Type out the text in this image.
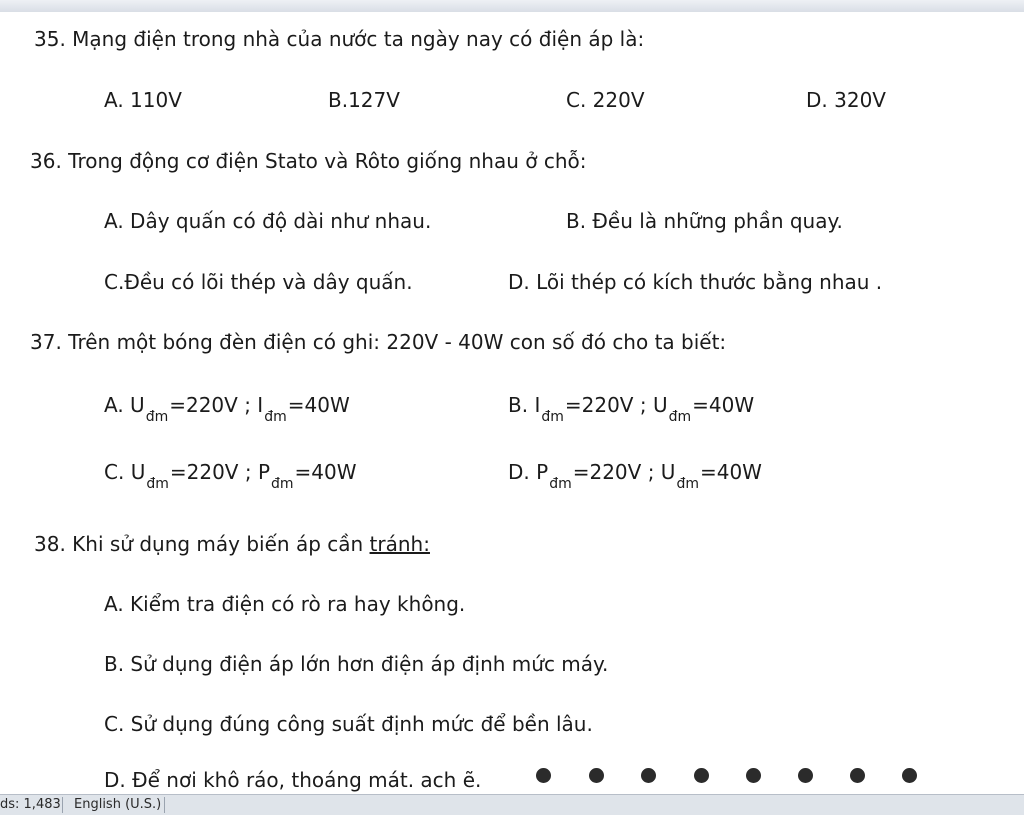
35. Mạng điện trong nhà của nước ta ngày nay có điện áp là:
A. 110V	B.127V	C. 220V	D. 320V
36. Trong động cơ điện Stato và Rôto giống nhau ở chỗ:
A. Dây quấn có độ dài như nhau.	B. Đều là những phần quay.
C.Đều có lõi thép và dây quấn.	D. Lõi thép có kích thước bằng nhau .
37. Trên một bóng đèn điện có ghi: 220V - 40W con số đó cho ta biết:
A. $U_{đm}=220V$ ; $I_{đm}=40W$	B. $I_{đm}=220V$ ; $U_{đm}=40W$
C. $U_{đm}=220V$ ; $P_{đm}=40W$	D. $P_{đm}=220V$ ; $U_{đm}=40W$
38. Khi sử dụng máy biến áp cần tránh:
A. Kiểm tra điện có rò ra hay không.
B. Sử dụng điện áp lớn hơn điện áp định mức máy.
C. Sử dụng đúng công suất định mức để bền lâu.
D. Để nơi khô ráo, thoáng mát. ach ẽ.
ds: 1,483 English (U.S.)
